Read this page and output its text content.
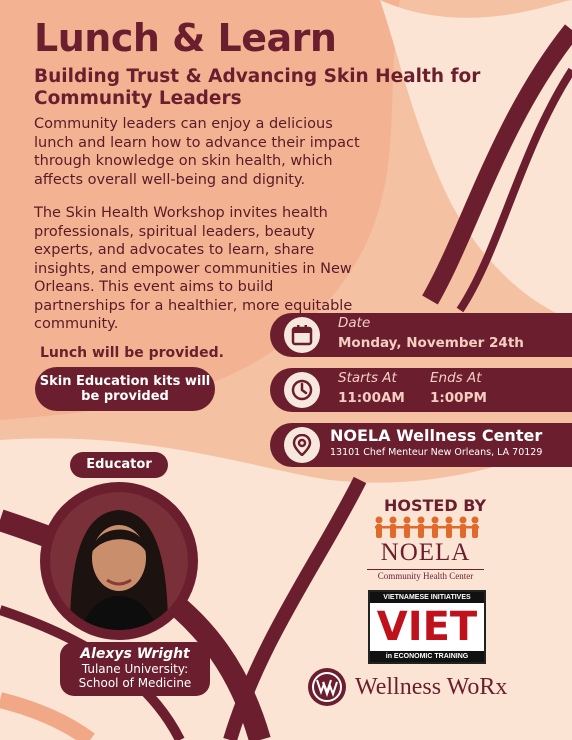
Lunch & Learn
Building Trust & Advancing Skin Health for Community Leaders
Community leaders can enjoy a delicious lunch and learn how to advance their impact through knowledge on skin health, which affects overall well-being and dignity.
The Skin Health Workshop invites health professionals, spiritual leaders, beauty experts, and advocates to learn, share insights, and empower communities in New Orleans. This event aims to build partnerships for a healthier, more equitable community.
Lunch will be provided.
Skin Education kits will be provided
Date
Monday, November 24th
Starts At
11:00AM
Ends At
1:00PM
NOELA Wellness Center
13101 Chef Menteur New Orleans, LA 70129
Educator
Alexys Wright
Tulane University:
School of Medicine
HOSTED BY
NOELA
Community Health Center
VIETNAMESE INITIATIVES
VIET
in ECONOMIC TRAINING
Wellness WoRx
